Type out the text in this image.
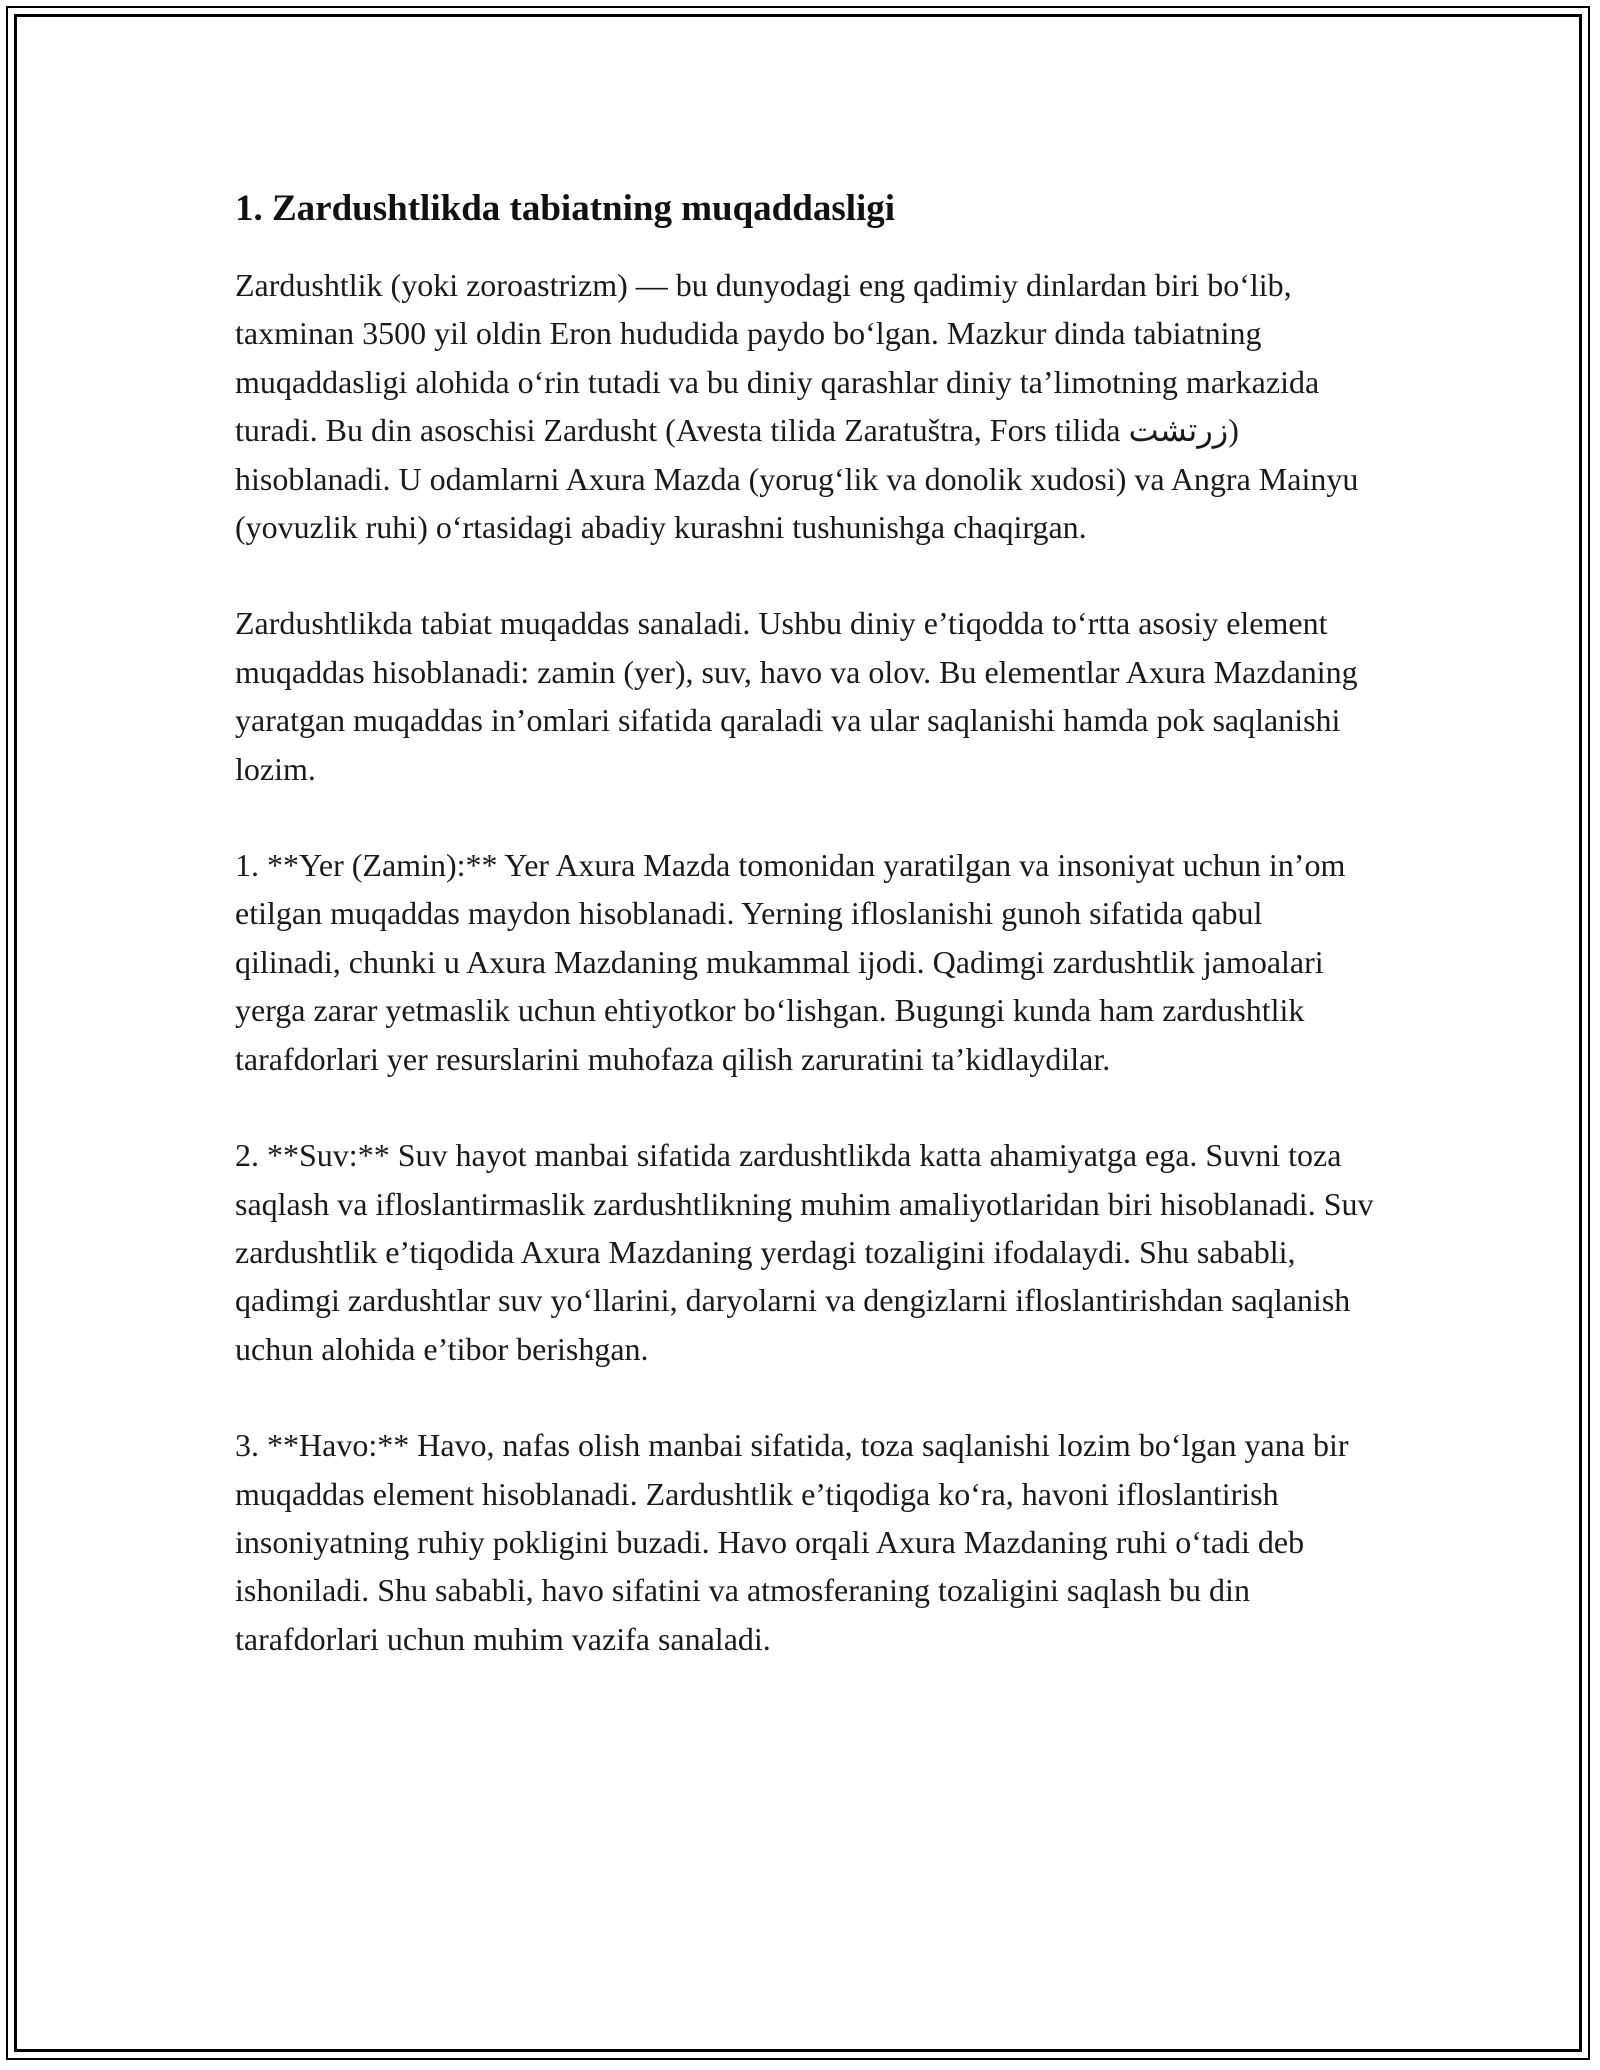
1. Zardushtlikda tabiatning muqaddasligi

Zardushtlik (yoki zoroastrizm) — bu dunyodagi eng qadimiy dinlardan biri bo‘lib, taxminan 3500 yil oldin Eron hududida paydo bo‘lgan. Mazkur dinda tabiatning muqaddasligi alohida o‘rin tutadi va bu diniy qarashlar diniy ta’limotning markazida turadi. Bu din asoschisi Zardusht (Avesta tilida Zaratuštra, Fors tilida زرتشت) hisoblanadi. U odamlarni Axura Mazda (yorug‘lik va donolik xudosi) va Angra Mainyu (yovuzlik ruhi) o‘rtasidagi abadiy kurashni tushunishga chaqirgan.

Zardushtlikda tabiat muqaddas sanaladi. Ushbu diniy e’tiqodda to‘rtta asosiy element muqaddas hisoblanadi: zamin (yer), suv, havo va olov. Bu elementlar Axura Mazdaning yaratgan muqaddas in’omlari sifatida qaraladi va ular saqlanishi hamda pok saqlanishi lozim.

1. **Yer (Zamin):** Yer Axura Mazda tomonidan yaratilgan va insoniyat uchun in’om etilgan muqaddas maydon hisoblanadi. Yerning ifloslanishi gunoh sifatida qabul qilinadi, chunki u Axura Mazdaning mukammal ijodi. Qadimgi zardushtlik jamoalari yerga zarar yetmaslik uchun ehtiyotkor bo‘lishgan. Bugungi kunda ham zardushtlik tarafdorlari yer resurslarini muhofaza qilish zaruratini ta’kidlaydilar.

2. **Suv:** Suv hayot manbai sifatida zardushtlikda katta ahamiyatga ega. Suvni toza saqlash va ifloslantirmaslik zardushtlikning muhim amaliyotlaridan biri hisoblanadi. Suv zardushtlik e’tiqodida Axura Mazdaning yerdagi tozaligini ifodalaydi. Shu sababli, qadimgi zardushtlar suv yo‘llarini, daryolarni va dengizlarni ifloslantirishdan saqlanish uchun alohida e’tibor berishgan.

3. **Havo:** Havo, nafas olish manbai sifatida, toza saqlanishi lozim bo‘lgan yana bir muqaddas element hisoblanadi. Zardushtlik e’tiqodiga ko‘ra, havoni ifloslantirish insoniyatning ruhiy pokligini buzadi. Havo orqali Axura Mazdaning ruhi o‘tadi deb ishoniladi. Shu sababli, havo sifatini va atmosferaning tozaligini saqlash bu din tarafdorlari uchun muhim vazifa sanaladi.
